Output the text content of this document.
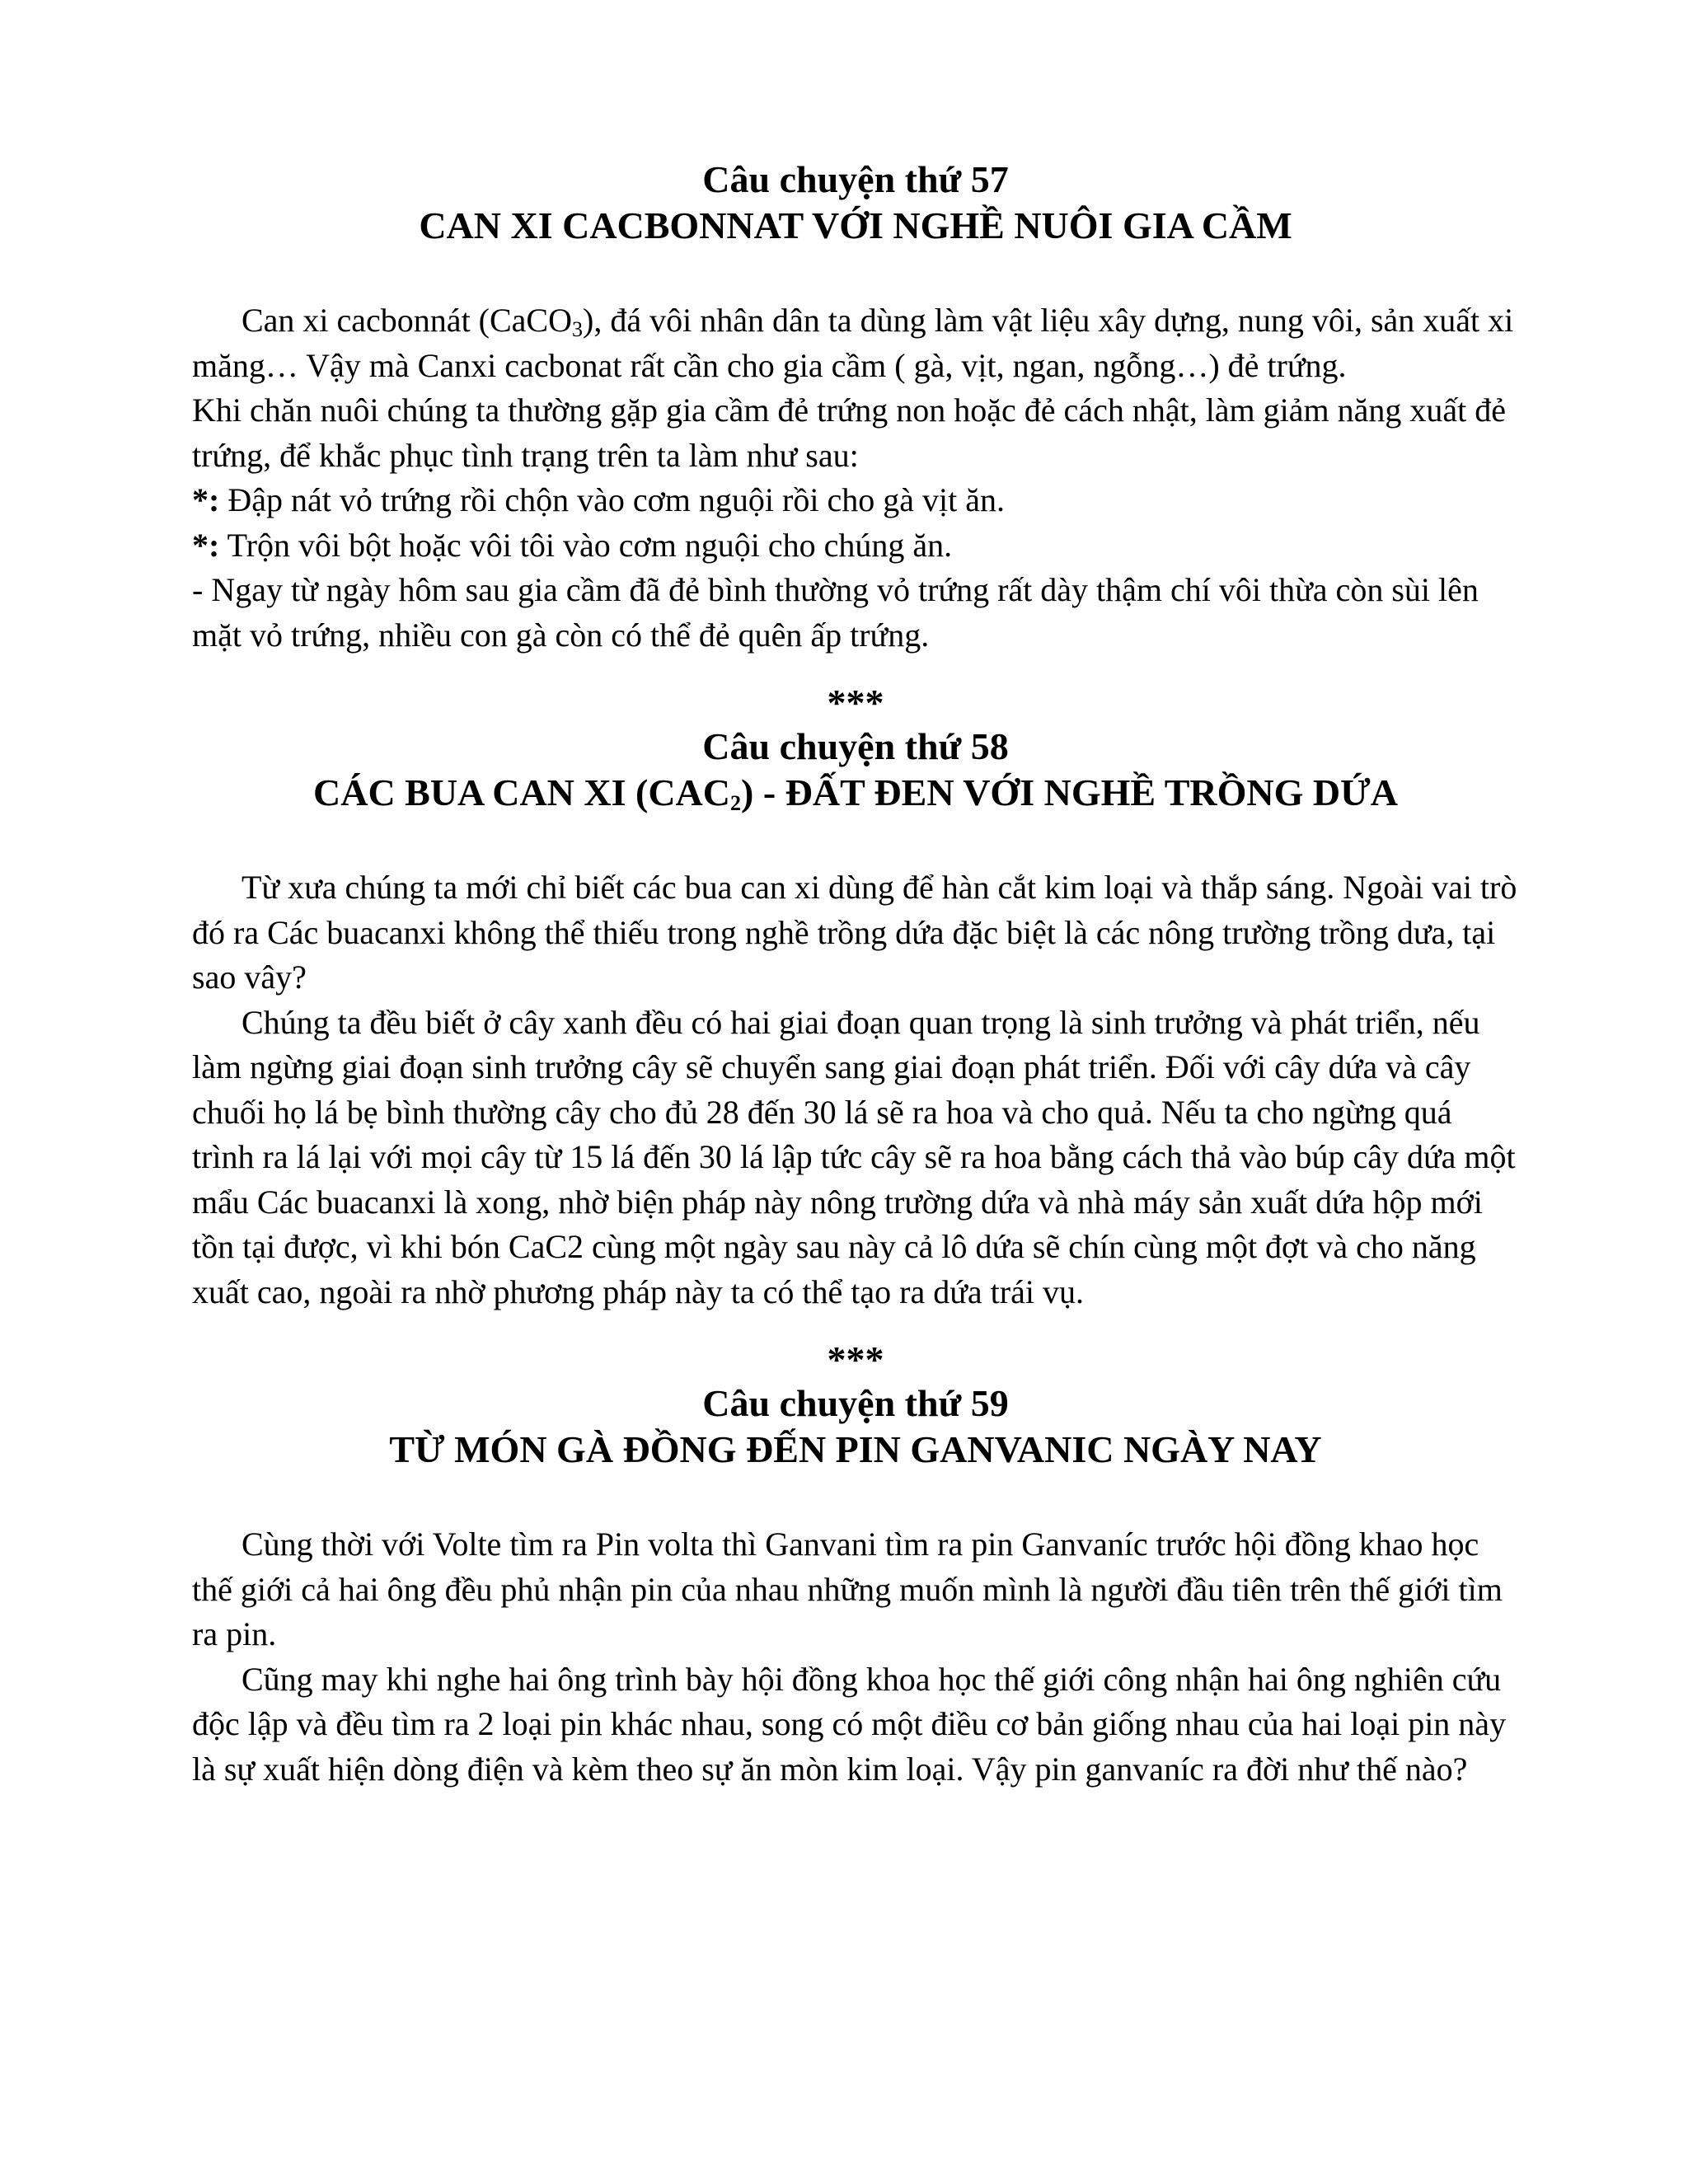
Câu chuyện thứ 57

CAN XI CACBONNAT VỚI NGHỀ NUÔI GIA CẦM

Can xi cacbonnát (CaCO$_3$), đá vôi nhân dân ta dùng làm vật liệu xây dựng, nung vôi, sản xuất xi măng… Vậy mà Canxi cacbonat rất cần cho gia cầm ( gà, vịt, ngan, ngỗng…) đẻ trứng.

Khi chăn nuôi chúng ta thường gặp gia cầm đẻ trứng non hoặc đẻ cách nhật, làm giảm năng xuất đẻ trứng, để khắc phục tình trạng trên ta làm như sau:

*: Đập nát vỏ trứng rồi chộn vào cơm nguội rồi cho gà vịt ăn.

*: Trộn vôi bột hoặc vôi tôi vào cơm nguội cho chúng ăn.

- Ngay từ ngày hôm sau gia cầm đã đẻ bình thường vỏ trứng rất dày thậm chí vôi thừa còn sùi lên mặt vỏ trứng, nhiều con gà còn có thể đẻ quên ấp trứng.

***

Câu chuyện thứ 58

CÁC BUA CAN XI $(CAC_2)$ - ĐẤT ĐEN VỚI NGHỀ TRỒNG DỨA

Từ xưa chúng ta mới chỉ biết các bua can xi dùng để hàn cắt kim loại và thắp sáng. Ngoài vai trò đó ra Các buacanxi không thể thiếu trong nghề trồng dứa đặc biệt là các nông trường trồng dưa, tại sao vây?

Chúng ta đều biết ở cây xanh đều có hai giai đoạn quan trọng là sinh trưởng và phát triển, nếu làm ngừng giai đoạn sinh trưởng cây sẽ chuyển sang giai đoạn phát triển. Đối với cây dứa và cây chuối họ lá bẹ bình thường cây cho đủ 28 đến 30 lá sẽ ra hoa và cho quả. Nếu ta cho ngừng quá trình ra lá lại với mọi cây từ 15 lá đến 30 lá lập tức cây sẽ ra hoa bằng cách thả vào búp cây dứa một mẩu Các buacanxi là xong, nhờ biện pháp này nông trường dứa và nhà máy sản xuất dứa hộp mới tồn tại được, vì khi bón CaC2 cùng một ngày sau này cả lô dứa sẽ chín cùng một đợt và cho năng xuất cao, ngoài ra nhờ phương pháp này ta có thể tạo ra dứa trái vụ.

***

Câu chuyện thứ 59

TỪ MÓN GÀ ĐỒNG ĐẾN PIN GANVANIC NGÀY NAY

Cùng thời với Volte tìm ra Pin volta thì Ganvani tìm ra pin Ganvaníc trước hội đồng khao học thế giới cả hai ông đều phủ nhận pin của nhau những muốn mình là người đầu tiên trên thế giới tìm ra pin.

Cũng may khi nghe hai ông trình bày hội đồng khoa học thế giới công nhận hai ông nghiên cứu độc lập và đều tìm ra 2 loại pin khác nhau, song có một điều cơ bản giống nhau của hai loại pin này là sự xuất hiện dòng điện và kèm theo sự ăn mòn kim loại. Vậy pin ganvaníc ra đời như thế nào?
